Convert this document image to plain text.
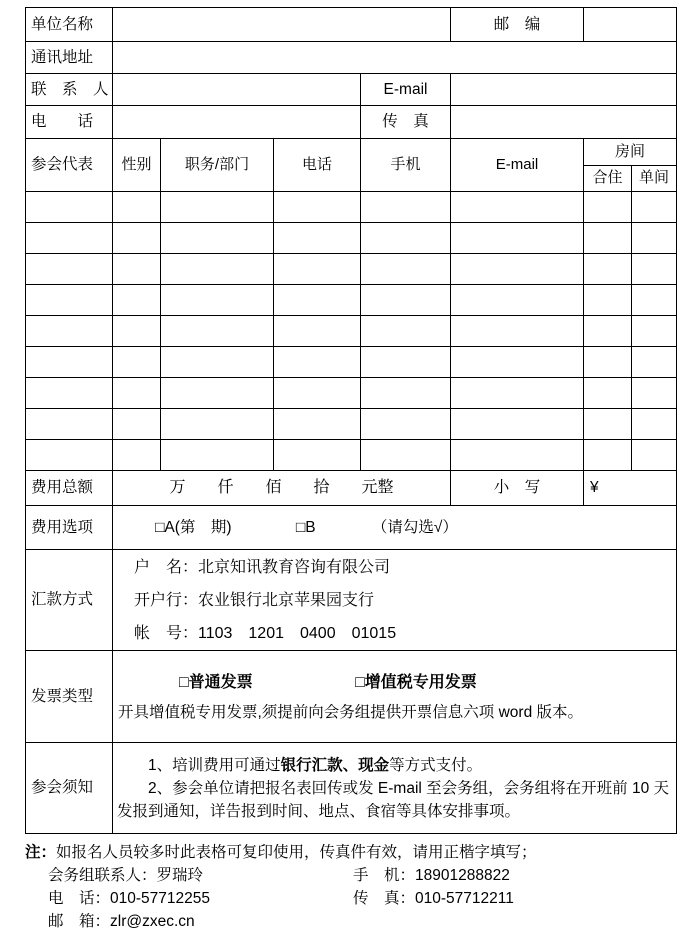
单位名称					邮　编		
通讯地址							
联　系　人				E-mail			
电　　话				传　真			
参会代表	性别	职务/部门	电话	手机	E-mail	房间	
						合住	单间

费用总额	万　　仟　　佰　　拾　　元整				小　写	¥	
费用选项	□A(第　期) □B （请勾选√）						
汇款方式	户　名：北京知讯教育咨询有限公司
开户行：农业银行北京苹果园支行
帐　号：1103　1201　0400　01015						

发票类型	□普通发票 □增值税专用发票
开具增值税专用发票,须提前向会务组提供开票信息六项 word 版本。						

参会须知	1、培训费用可通过银行汇款、现金等方式支付。

2、参会单位请把报名表回传或发 E-mail 至会务组，会务组将在开班前 10 天发报到通知，详告报到时间、地点、食宿等具体安排事项。						

注：如报名人员较多时此表格可复印使用，传真件有效，请用正楷字填写；
会务组联系人：罗瑞玲	手　机：18901288822
电　话：010-57712255	传　真：010-57712211
邮　箱：zlr@zxec.cn
